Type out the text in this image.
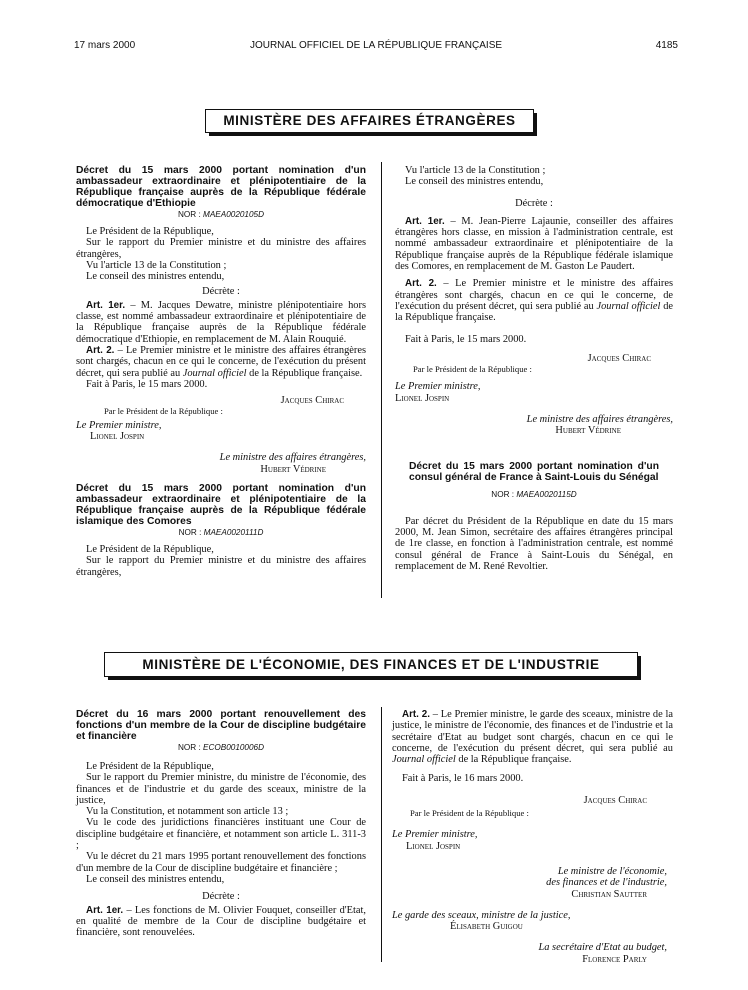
17 mars 2000	JOURNAL OFFICIEL DE LA RÉPUBLIQUE FRANÇAISE	4185
MINISTÈRE DES AFFAIRES ÉTRANGÈRES

Décret du 15 mars 2000 portant nomination d'un ambassadeur extraordinaire et plénipotentiaire de la République française auprès de la République fédérale démocratique d'Ethiopie

NOR : MAEA0020105D

Le Président de la République,

Sur le rapport du Premier ministre et du ministre des affaires étrangères,

Vu l'article 13 de la Constitution ;

Le conseil des ministres entendu,

Décrète :

Art. 1er. – M. Jacques Dewatre, ministre plénipotentiaire hors classe, est nommé ambassadeur extraordinaire et plénipotentiaire de la République française auprès de la République fédérale démocratique d'Ethiopie, en remplacement de M. Alain Rouquié.

Art. 2. – Le Premier ministre et le ministre des affaires étrangères sont chargés, chacun en ce qui le concerne, de l'exécution du présent décret, qui sera publié au Journal officiel de la République française.

Fait à Paris, le 15 mars 2000.

Jacques Chirac

Par le Président de la République :

Le Premier ministre,

Lionel Jospin

Le ministre des affaires étrangères,

Hubert Védrine

Décret du 15 mars 2000 portant nomination d'un ambassadeur extraordinaire et plénipotentiaire de la République française auprès de la République fédérale islamique des Comores

NOR : MAEA0020111D

Le Président de la République,

Sur le rapport du Premier ministre et du ministre des affaires étrangères,

Vu l'article 13 de la Constitution ;

Le conseil des ministres entendu,

Décrète :

Art. 1er. – M. Jean-Pierre Lajaunie, conseiller des affaires étrangères hors classe, en mission à l'administration centrale, est nommé ambassadeur extraordinaire et plénipotentiaire de la République française auprès de la République fédérale islamique des Comores, en remplacement de M. Gaston Le Paudert.

Art. 2. – Le Premier ministre et le ministre des affaires étrangères sont chargés, chacun en ce qui le concerne, de l'exécution du présent décret, qui sera publié au Journal officiel de la République française.

Fait à Paris, le 15 mars 2000.

Jacques Chirac

Par le Président de la République :

Le Premier ministre,

Lionel Jospin

Le ministre des affaires étrangères,

Hubert Védrine

Décret du 15 mars 2000 portant nomination d'un consul général de France à Saint-Louis du Sénégal

NOR : MAEA0020115D

Par décret du Président de la République en date du 15 mars 2000, M. Jean Simon, secrétaire des affaires étrangères principal de 1re classe, en fonction à l'administration centrale, est nommé consul général de France à Saint-Louis du Sénégal, en remplacement de M. René Revoltier.

MINISTÈRE DE L'ÉCONOMIE, DES FINANCES ET DE L'INDUSTRIE

Décret du 16 mars 2000 portant renouvellement des fonctions d'un membre de la Cour de discipline budgétaire et financière

NOR : ECOB0010006D

Le Président de la République,

Sur le rapport du Premier ministre, du ministre de l'économie, des finances et de l'industrie et du garde des sceaux, ministre de la justice,

Vu la Constitution, et notamment son article 13 ;

Vu le code des juridictions financières instituant une Cour de discipline budgétaire et financière, et notamment son article L. 311-3 ;

Vu le décret du 21 mars 1995 portant renouvellement des fonctions d'un membre de la Cour de discipline budgétaire et financière ;

Le conseil des ministres entendu,

Décrète :

Art. 1er. – Les fonctions de M. Olivier Fouquet, conseiller d'Etat, en qualité de membre de la Cour de discipline budgétaire et financière, sont renouvelées.

Art. 2. – Le Premier ministre, le garde des sceaux, ministre de la justice, le ministre de l'économie, des finances et de l'industrie et la secrétaire d'Etat au budget sont chargés, chacun en ce qui le concerne, de l'exécution du présent décret, qui sera publié au Journal officiel de la République française.

Fait à Paris, le 16 mars 2000.

Jacques Chirac

Par le Président de la République :

Le Premier ministre,

Lionel Jospin

Le ministre de l'économie,

des finances et de l'industrie,

Christian Sautter

Le garde des sceaux, ministre de la justice,

Élisabeth Guigou

La secrétaire d'Etat au budget,

Florence Parly
